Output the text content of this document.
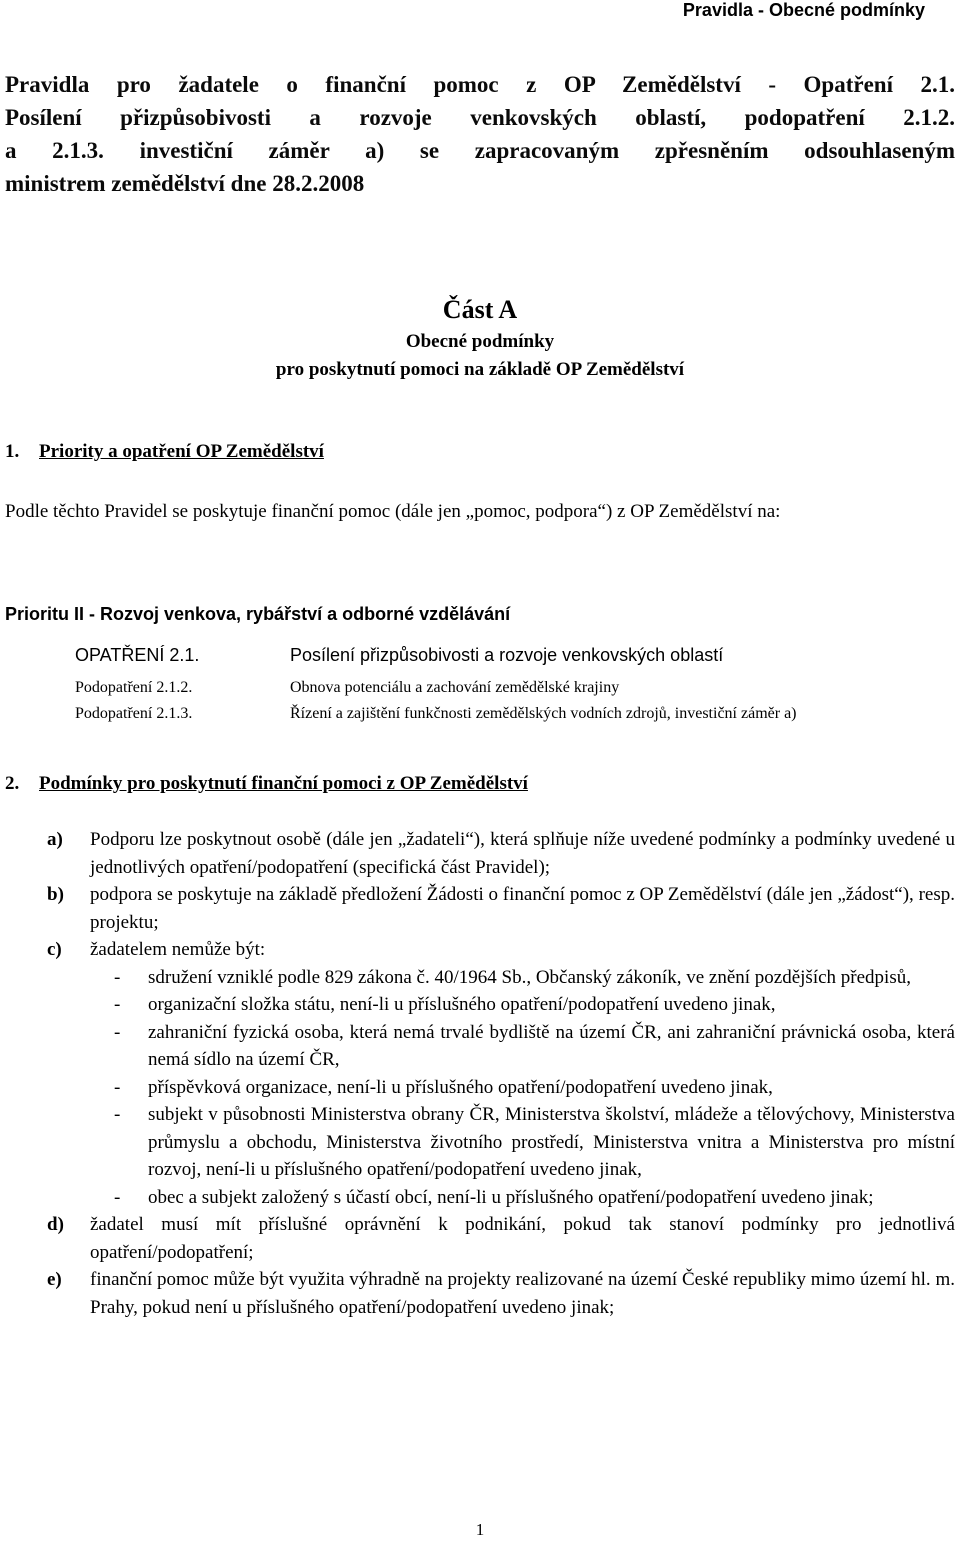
Pravidla - Obecné podmínky
Pravidla pro žadatele o finanční pomoc z OP Zemědělství - Opatření 2.1.
Posílení přizpůsobivosti a rozvoje venkovských oblastí, podopatření 2.1.2.
a 2.1.3. investiční záměr a) se zapracovaným zpřesněním odsouhlaseným
ministrem zemědělství dne 28.2.2008
Část A
Obecné podmínky
pro poskytnutí pomoci na základě OP Zemědělství
1. Priority a opatření OP Zemědělství
Podle těchto Pravidel se poskytuje finanční pomoc (dále jen „pomoc, podpora“) z OP Zemědělství na:
Prioritu II - Rozvoj venkova, rybářství a odborné vzdělávání
OPATŘENÍ 2.1.	Posílení přizpůsobivosti a rozvoje venkovských oblastí
Podopatření 2.1.2.	Obnova potenciálu a zachování zemědělské krajiny
Podopatření 2.1.3.	Řízení a zajištění funkčnosti zemědělských vodních zdrojů, investiční záměr a)
2. Podmínky pro poskytnutí finanční pomoci z OP Zemědělství
a) Podporu lze poskytnout osobě (dále jen „žadateli“), která splňuje níže uvedené podmínky a podmínky uvedené u jednotlivých opatření/podopatření (specifická část Pravidel);
b) podpora se poskytuje na základě předložení Žádosti o finanční pomoc z OP Zemědělství (dále jen „žádost“), resp. projektu;
c) žadatelem nemůže být:
- sdružení vzniklé podle 829 zákona č. 40/1964 Sb., Občanský zákoník, ve znění pozdějších předpisů,
- organizační složka státu, není-li u příslušného opatření/podopatření uvedeno jinak,
- zahraniční fyzická osoba, která nemá trvalé bydliště na území ČR, ani zahraniční právnická osoba, která nemá sídlo na území ČR,
- příspěvková organizace, není-li u příslušného opatření/podopatření uvedeno jinak,
- subjekt v působnosti Ministerstva obrany ČR, Ministerstva školství, mládeže a tělovýchovy, Ministerstva průmyslu a obchodu, Ministerstva životního prostředí, Ministerstva vnitra a Ministerstva pro místní rozvoj, není-li u příslušného opatření/podopatření uvedeno jinak,
- obec a subjekt založený s účastí obcí, není-li u příslušného opatření/podopatření uvedeno jinak;
d) žadatel musí mít příslušné oprávnění k podnikání, pokud tak stanoví podmínky pro jednotlivá opatření/podopatření;
e) finanční pomoc může být využita výhradně na projekty realizované na území České republiky mimo území hl. m. Prahy, pokud není u příslušného opatření/podopatření uvedeno jinak;
1
